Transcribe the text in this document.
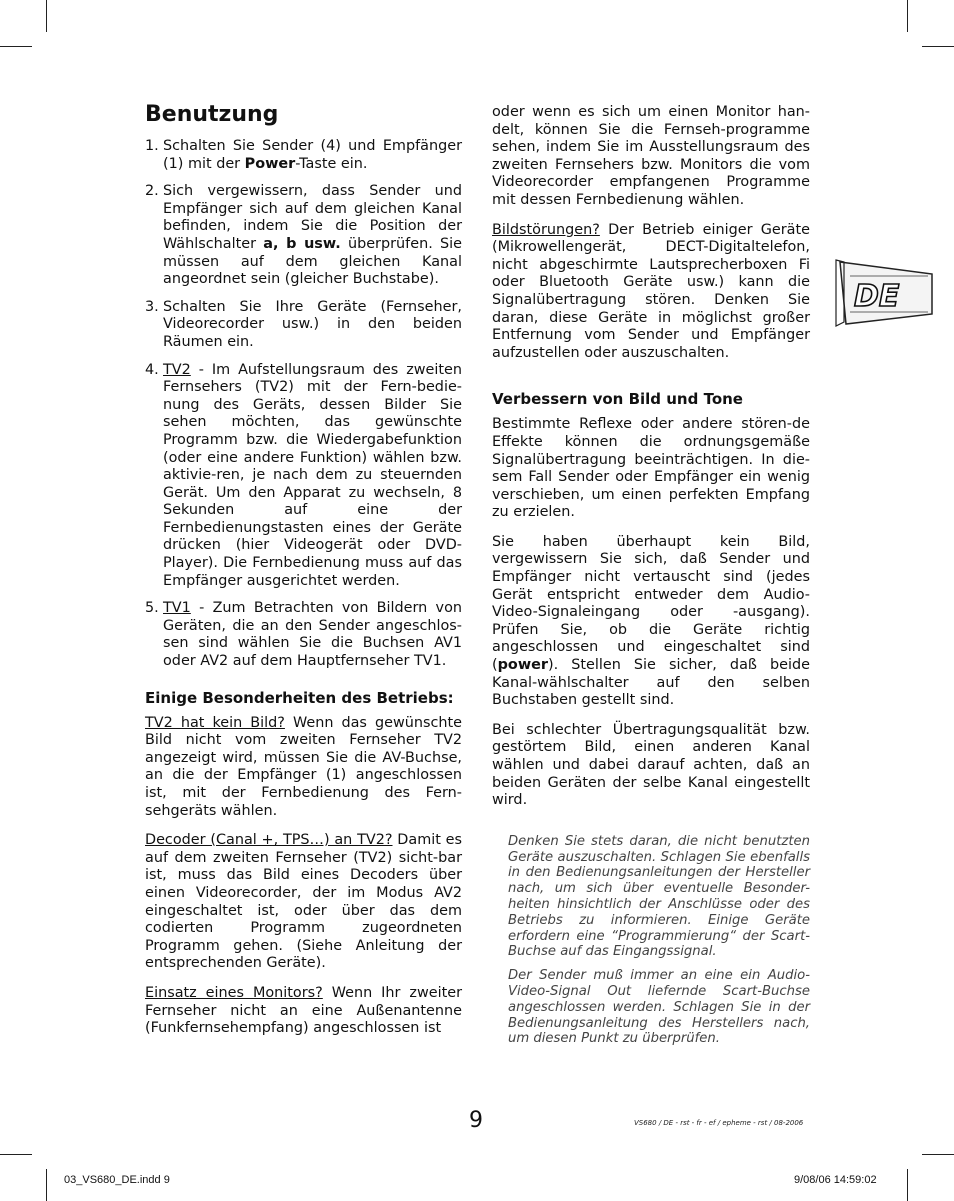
Benutzung
1. Schalten Sie Sender (4) und Empfänger (1) mit der Power-Taste ein.
2. Sich vergewissern, dass Sender und Empfänger sich auf dem gleichen Kanal befinden, indem Sie die Position der Wählschalter a, b usw. überprüfen. Sie müssen auf dem gleichen Kanal angeordnet sein (gleicher Buchstabe).
3. Schalten Sie Ihre Geräte (Fernseher, Videorecorder usw.) in den beiden Räumen ein.
4. TV2 - Im Aufstellungsraum des zweiten Fernsehers (TV2) mit der Fern-bedie-nung des Geräts, dessen Bilder Sie sehen möchten, das gewünschte Programm bzw. die Wiedergabefunktion (oder eine andere Funktion) wählen bzw. aktivie-ren, je nach dem zu steuernden Gerät. Um den Apparat zu wechseln, 8 Sekunden auf eine der Fernbedienungstasten eines der Geräte drücken (hier Videogerät oder DVD-Player). Die Fernbedienung muss auf das Empfänger ausgerichtet werden.
5. TV1 - Zum Betrachten von Bildern von Geräten, die an den Sender angeschlos-sen sind wählen Sie die Buchsen AV1 oder AV2 auf dem Hauptfernseher TV1.
Einige Besonderheiten des Betriebs:

TV2 hat kein Bild? Wenn das gewünschte Bild nicht vom zweiten Fernseher TV2 angezeigt wird, müssen Sie die AV-Buchse, an die der Empfänger (1) angeschlossen ist, mit der Fernbedienung des Fern-sehgeräts wählen.

Decoder (Canal +, TPS…) an TV2? Damit es auf dem zweiten Fernseher (TV2) sicht-bar ist, muss das Bild eines Decoders über einen Videorecorder, der im Modus AV2 eingeschaltet ist, oder über das dem codierten Programm zugeordneten Programm gehen. (Siehe Anleitung der entsprechenden Geräte).

Einsatz eines Monitors? Wenn Ihr zweiter Fernseher nicht an eine Außenantenne (Funkfernsehempfang) angeschlossen ist

oder wenn es sich um einen Monitor han-delt, können Sie die Fernseh-programme sehen, indem Sie im Ausstellungsraum des zweiten Fernsehers bzw. Monitors die vom Videorecorder empfangenen Programme mit dessen Fernbedienung wählen.

Bildstörungen? Der Betrieb einiger Geräte (Mikrowellengerät, DECT-Digitaltelefon, nicht abgeschirmte Lautsprecherboxen Fi oder Bluetooth Geräte usw.) kann die Signalübertragung stören. Denken Sie daran, diese Geräte in möglichst großer Entfernung vom Sender und Empfänger aufzustellen oder auszuschalten.

Verbessern von Bild und Tone

Bestimmte Reflexe oder andere stören-de Effekte können die ordnungsgemäße Signalübertragung beeinträchtigen. In die-sem Fall Sender oder Empfänger ein wenig verschieben, um einen perfekten Empfang zu erzielen.

Sie haben überhaupt kein Bild, vergewissern Sie sich, daß Sender und Empfänger nicht vertauscht sind (jedes Gerät entspricht entweder dem Audio-Video-Signaleingang oder -ausgang). Prüfen Sie, ob die Geräte richtig angeschlossen und eingeschaltet sind (power). Stellen Sie sicher, daß beide Kanal-wählschalter auf den selben Buchstaben gestellt sind.

Bei schlechter Übertragungsqualität bzw. gestörtem Bild, einen anderen Kanal wählen und dabei darauf achten, daß an beiden Geräten der selbe Kanal eingestellt wird.

Denken Sie stets daran, die nicht benutzten Geräte auszuschalten. Schlagen Sie ebenfalls in den Bedienungsanleitungen der Hersteller nach, um sich über eventuelle Besonder-heiten hinsichtlich der Anschlüsse oder des Betriebs zu informieren. Einige Geräte erfordern eine “Programmierung“ der Scart-Buchse auf das Eingangssignal.

Der Sender muß immer an eine ein Audio-Video-Signal Out liefernde Scart-Buchse angeschlossen werden. Schlagen Sie in der Bedienungsanleitung des Herstellers nach, um diesen Punkt zu überprüfen.

DE
9	VS680 / DE - rst - fr - ef / epheme - rst / 08-2006
03_VS680_DE.indd 9	9/08/06 14:59:02
